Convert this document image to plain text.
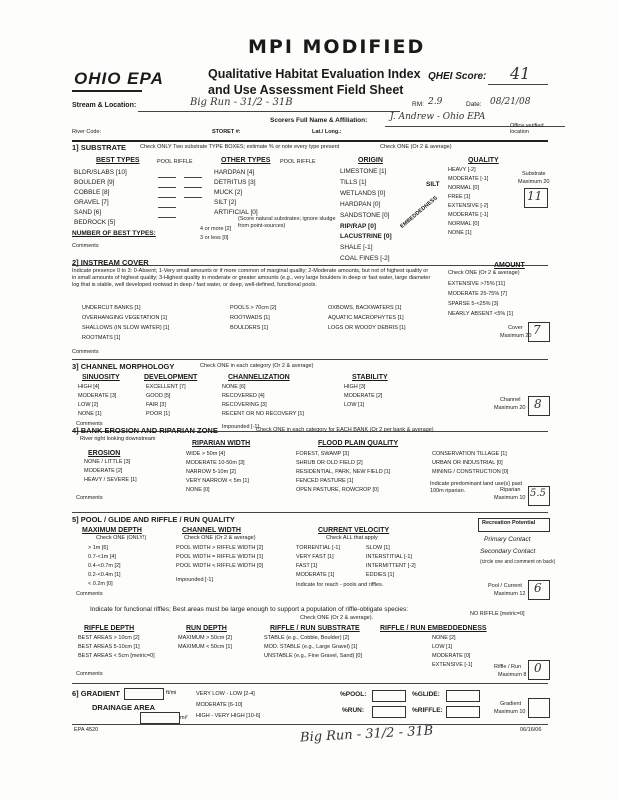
MPI MODIFIED
OHIO EPA	Qualitative Habitat Evaluation Index
and Use Assessment Field Sheet
QHEI Score: 41
Stream & Location:	Big Run - 31/2 - 31B	RM: 2.9	Date: 08/21/08
Scorers Full Name & Affiliation:	J. Andrew - Ohio EPA
River Code:	STORET #:	Lat./ Long.:
Office verified location
1] SUBSTRATE	Check ONLY Two substrate TYPE BOXES; estimate % or note every type present	Check ONE (Or 2 & average)
BEST TYPES	POOL RIFFLE	OTHER TYPES POOL RIFFLE	ORIGIN	QUALITY
BLDR/SLABS [10]
BOULDER [9]
COBBLE [8]
GRAVEL [7]
SAND [6]
BEDROCK [5]
HARDPAN [4]
DETRITUS [3]
MUCK [2]
SILT [2]
ARTIFICIAL [0]
(Score natural substrates; ignore sludge from point-sources)
LIMESTONE [1]
TILLS [1]
WETLANDS [0]
HARDPAN [0]
SANDSTONE [0]
RIP/RAP [0]
LACUSTRINE [0]
SHALE [-1]
COAL FINES [-2]
SILT
EMBEDDEDNESS
HEAVY [-2]
MODERATE [-1]
NORMAL [0]
FREE [1]
EXTENSIVE [-2]
MODERATE [-1]
NORMAL [0]
NONE [1]
Substrate
Maximum 20
11
NUMBER OF BEST TYPES:
4 or more [2]
3 or less [0]
Comments
2] INSTREAM COVER
Indicate presence 0 to 3: 0-Absent; 1-Very small amounts or if more common of marginal quality; 2-Moderate amounts, but not of highest quality or in small amounts of highest quality; 3-Highest quality in moderate or greater amounts (e.g., very large boulders in deep or fast water, large diameter log that is stable, well developed rootwad in deep / fast water, or deep, well-defined, functional pools.
AMOUNT
Check ONE (Or 2 & average)
UNDERCUT BANKS [1]
OVERHANGING VEGETATION [1]
SHALLOWS (IN SLOW WATER) [1]
ROOTMATS [1]
POOLS > 70cm [2]
ROOTWADS [1]
BOULDERS [1]
OXBOWS, BACKWATERS [1]
AQUATIC MACROPHYTES [1]
LOGS OR WOODY DEBRIS [1]
EXTENSIVE >75% [11]
MODERATE 25-75% [7]
SPARSE 5-<25% [3]
NEARLY ABSENT <5% [1]
Comments
Cover
Maximum 20 7
3] CHANNEL MORPHOLOGY	Check ONE in each category (Or 2 & average)
SINUOSITY	DEVELOPMENT	CHANNELIZATION	STABILITY
HIGH [4]
MODERATE [3]
LOW [2]
NONE [1]
EXCELLENT [7]
GOOD [5]
FAIR [3]
POOR [1]
NONE [6]
RECOVERED [4]
RECOVERING [3]
RECENT OR NO RECOVERY [1]
Impounded [-1]
HIGH [3]
MODERATE [2]
LOW [1]
Comments
Channel
Maximum 20 8
4] BANK EROSION AND RIPARIAN ZONE	Check ONE in each category for EACH BANK (Or 2 per bank & average)
River right looking downstream
RIPARIAN WIDTH	FLOOD PLAIN QUALITY
EROSION
NONE / LITTLE [3]
MODERATE [2]
HEAVY / SEVERE [1]
WIDE > 50m [4]
MODERATE 10-50m [3]
NARROW 5-10m [2]
VERY NARROW < 5m [1]
NONE [0]
FOREST, SWAMP [3]
SHRUB OR OLD FIELD [2]
RESIDENTIAL, PARK, NEW FIELD [1]
FENCED PASTURE [1]
OPEN PASTURE, ROWCROP [0]
CONSERVATION TILLAGE [1]
URBAN OR INDUSTRIAL [0]
MINING / CONSTRUCTION [0]
Indicate predominant land use(s) past 100m riparian.
Comments
Riparian
Maximum 10 5.5
5] POOL / GLIDE AND RIFFLE / RUN QUALITY
MAXIMUM DEPTH
Check ONE (ONLY!)
> 1m [6]
0.7-<1m [4]
0.4-<0.7m [2]
0.2-<0.4m [1]
< 0.2m [0]
CHANNEL WIDTH
Check ONE (Or 2 & average)
POOL WIDTH > RIFFLE WIDTH [2]
POOL WIDTH = RIFFLE WIDTH [1]
POOL WIDTH < RIFFLE WIDTH [0]
Impounded [-1]
CURRENT VELOCITY
Check ALL that apply
TORRENTIAL [-1]
VERY FAST [1]
FAST [1]
MODERATE [1]
SLOW [1]
INTERSTITIAL [-1]
INTERMITTENT [-2]
EDDIES [1]
Indicate for reach - pools and riffles.
Recreation Potential
Primary Contact
Secondary Contact
(circle one and comment on back)
Comments
Pool / Current
Maximum 12 6
Indicate for functional riffles; Best areas must be large enough to support a population of riffle-obligate species:
Check ONE (Or 2 & average).
NO RIFFLE [metric=0]
RIFFLE DEPTH
BEST AREAS > 10cm [2]
BEST AREAS 5-10cm [1]
BEST AREAS < 5cm [metric=0]
RUN DEPTH
MAXIMUM > 50cm [2]
MAXIMUM < 50cm [1]
RIFFLE / RUN SUBSTRATE
STABLE (e.g., Cobble, Boulder) [2]
MOD. STABLE (e.g., Large Gravel) [1]
UNSTABLE (e.g., Fine Gravel, Sand) [0]
RIFFLE / RUN EMBEDDEDNESS
NONE [2]
LOW [1]
MODERATE [0]
EXTENSIVE [-1]
Comments
Riffle / Run
Maximum 8 0
6] GRADIENT	ft/mi
DRAINAGE AREA
mi²
VERY LOW - LOW [2-4]
MODERATE [6-10]
HIGH - VERY HIGH [10-6]
%POOL:	%GLIDE:
%RUN:	%RIFFLE:
Gradient
Maximum 10
EPA 4520	06/16/06
Big Run - 31/2 - 31B
